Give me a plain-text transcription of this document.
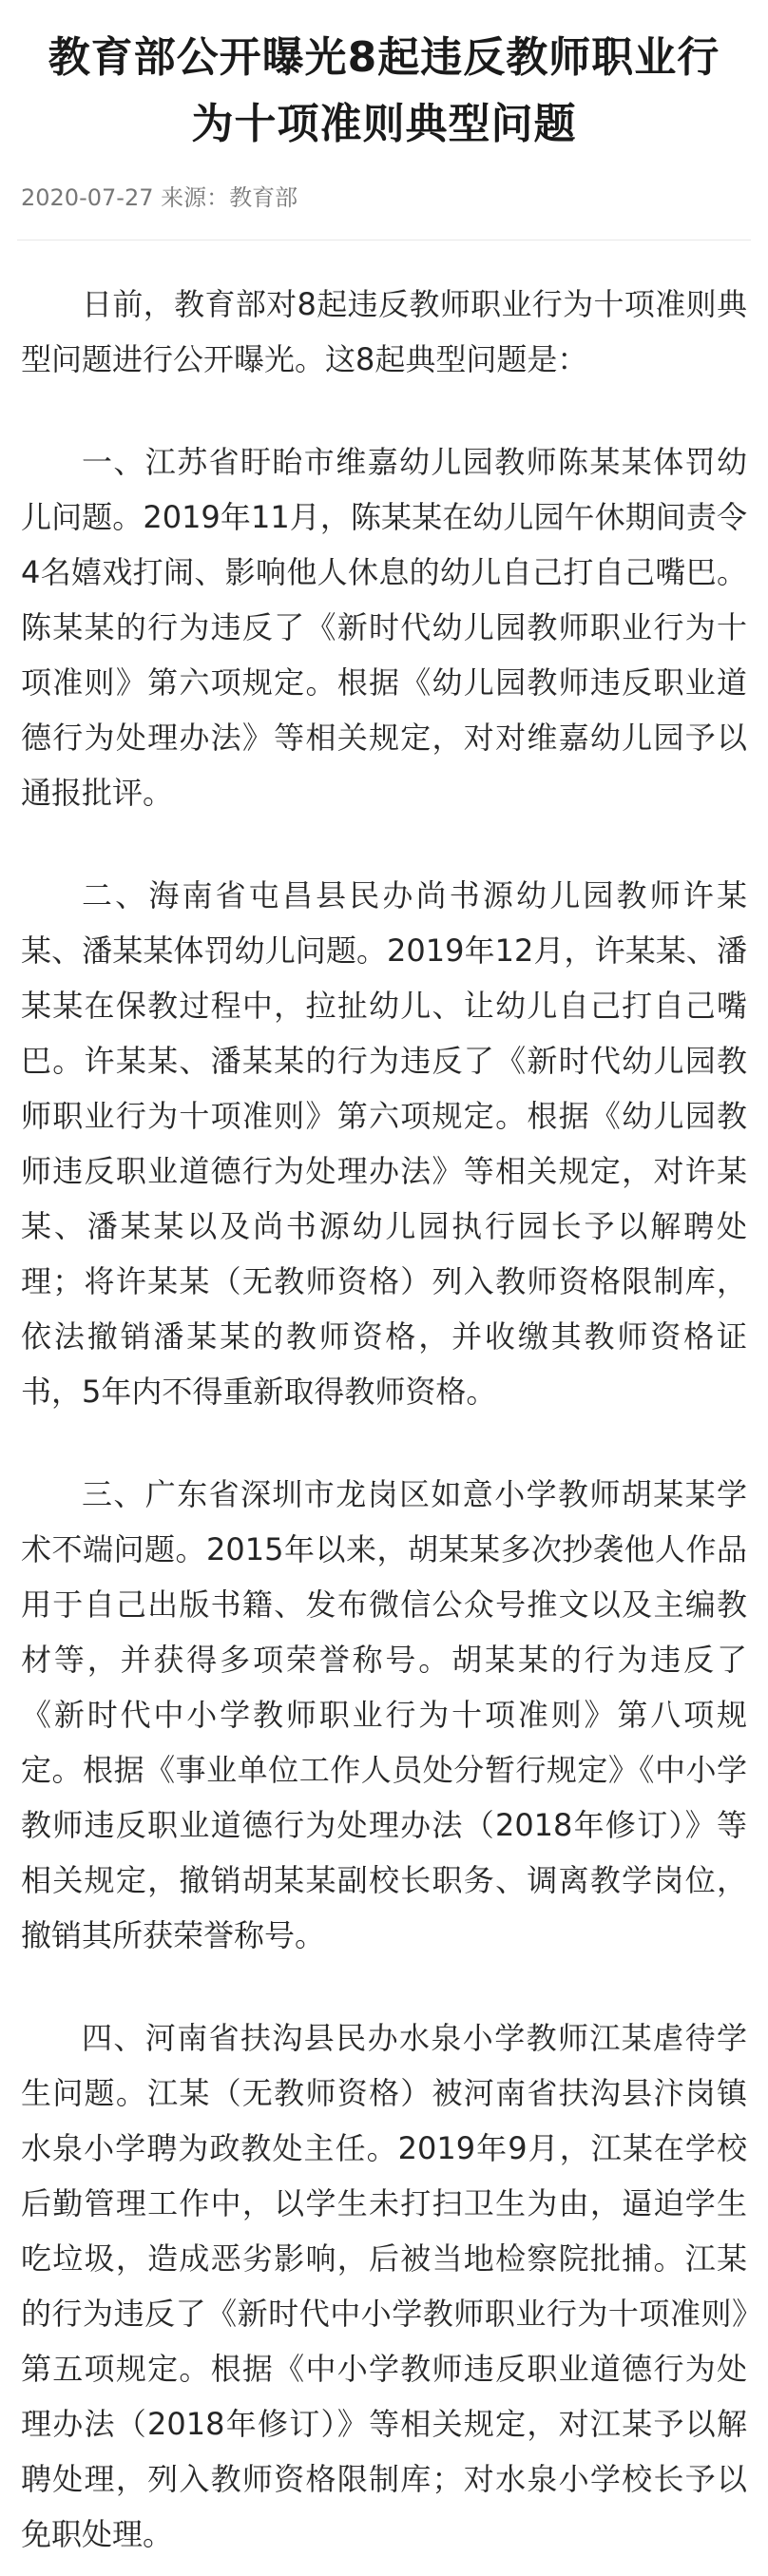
教育部公开曝光8起违反教师职业行为十项准则典型问题
2020-07-27 来源：教育部

日前，教育部对8起违反教师职业行为十项准则典型问题进行公开曝光。这8起典型问题是：

一、江苏省盱眙市维嘉幼儿园教师陈某某体罚幼儿问题。2019年11月，陈某某在幼儿园午休期间责令4名嬉戏打闹、影响他人休息的幼儿自己打自己嘴巴。陈某某的行为违反了《新时代幼儿园教师职业行为十项准则》第六项规定。根据《幼儿园教师违反职业道德行为处理办法》等相关规定，对对维嘉幼儿园予以通报批评。

二、海南省屯昌县民办尚书源幼儿园教师许某某、潘某某体罚幼儿问题。2019年12月，许某某、潘某某在保教过程中，拉扯幼儿、让幼儿自己打自己嘴巴。许某某、潘某某的行为违反了《新时代幼儿园教师职业行为十项准则》第六项规定。根据《幼儿园教师违反职业道德行为处理办法》等相关规定，对许某某、潘某某以及尚书源幼儿园执行园长予以解聘处理；将许某某（无教师资格）列入教师资格限制库，依法撤销潘某某的教师资格，并收缴其教师资格证书，5年内不得重新取得教师资格。

三、广东省深圳市龙岗区如意小学教师胡某某学术不端问题。2015年以来，胡某某多次抄袭他人作品用于自己出版书籍、发布微信公众号推文以及主编教材等，并获得多项荣誉称号。胡某某的行为违反了《新时代中小学教师职业行为十项准则》第八项规定。根据《事业单位工作人员处分暂行规定》《中小学教师违反职业道德行为处理办法（2018年修订）》等相关规定，撤销胡某某副校长职务、调离教学岗位，撤销其所获荣誉称号。

四、河南省扶沟县民办水泉小学教师江某虐待学生问题。江某（无教师资格）被河南省扶沟县汴岗镇水泉小学聘为政教处主任。2019年9月，江某在学校后勤管理工作中，以学生未打扫卫生为由，逼迫学生吃垃圾，造成恶劣影响，后被当地检察院批捕。江某的行为违反了《新时代中小学教师职业行为十项准则》第五项规定。根据《中小学教师违反职业道德行为处理办法（2018年修订）》等相关规定，对江某予以解聘处理，列入教师资格限制库；对水泉小学校长予以免职处理。
